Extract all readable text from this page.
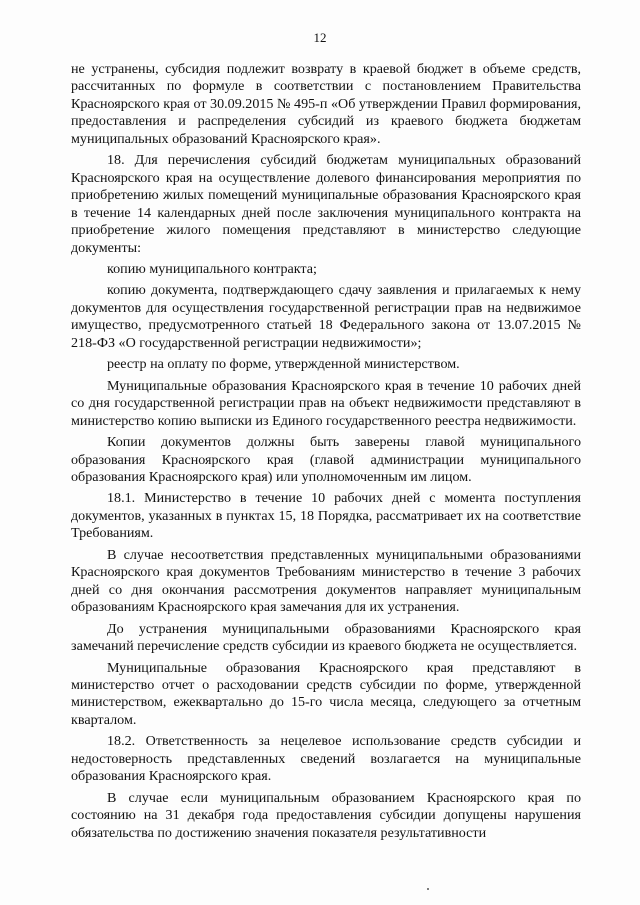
12

не устранены, субсидия подлежит возврату в краевой бюджет в объеме средств, рассчитанных по формуле в соответствии с постановлением Правительства Красноярского края от 30.09.2015 № 495-п «Об утверждении Правил формирования, предоставления и распределения субсидий из краевого бюджета бюджетам муниципальных образований Красноярского края».

18. Для перечисления субсидий бюджетам муниципальных образований Красноярского края на осуществление долевого финансирования мероприятия по приобретению жилых помещений муниципальные образования Красноярского края в течение 14 календарных дней после заключения муниципального контракта на приобретение жилого помещения представляют в министерство следующие документы:

копию муниципального контракта;

копию документа, подтверждающего сдачу заявления и прилагаемых к нему документов для осуществления государственной регистрации прав на недвижимое имущество, предусмотренного статьей 18 Федерального закона от 13.07.2015 № 218-ФЗ «О государственной регистрации недвижимости»;

реестр на оплату по форме, утвержденной министерством.

Муниципальные образования Красноярского края в течение 10 рабочих дней со дня государственной регистрации прав на объект недвижимости представляют в министерство копию выписки из Единого государственного реестра недвижимости.

Копии документов должны быть заверены главой муниципального образования Красноярского края (главой администрации муниципального образования Красноярского края) или уполномоченным им лицом.

18.1. Министерство в течение 10 рабочих дней с момента поступления документов, указанных в пунктах 15, 18 Порядка, рассматривает их на соответствие Требованиям.

В случае несоответствия представленных муниципальными образованиями Красноярского края документов Требованиям министерство в течение 3 рабочих дней со дня окончания рассмотрения документов направляет муниципальным образованиям Красноярского края замечания для их устранения.

До устранения муниципальными образованиями Красноярского края замечаний перечисление средств субсидии из краевого бюджета не осуществляется.

Муниципальные образования Красноярского края представляют в министерство отчет о расходовании средств субсидии по форме, утвержденной министерством, ежеквартально до 15-го числа месяца, следующего за отчетным кварталом.

18.2. Ответственность за нецелевое использование средств субсидии и недостоверность представленных сведений возлагается на муниципальные образования Красноярского края.

В случае если муниципальным образованием Красноярского края по состоянию на 31 декабря года предоставления субсидии допущены нарушения обязательства по достижению значения показателя результативности
